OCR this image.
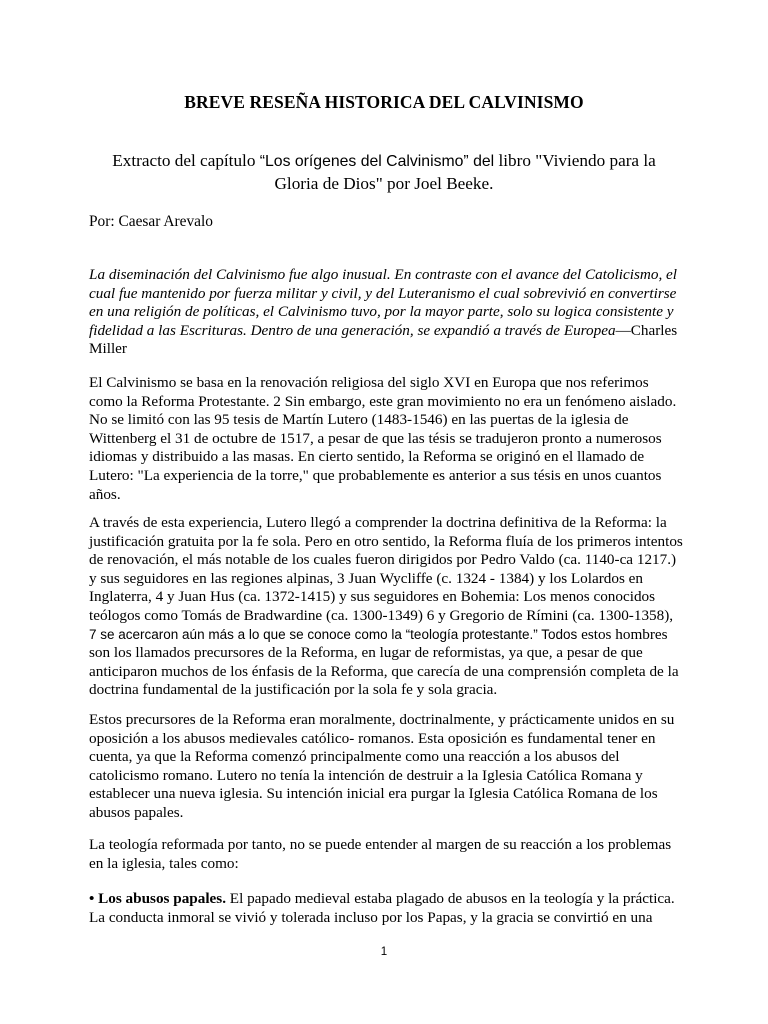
BREVE RESEÑA HISTORICA DEL CALVINISMO
Extracto del capítulo “Los orígenes del Calvinismo” del libro "Viviendo para la Gloria de Dios" por Joel Beeke.
Por: Caesar Arevalo

La diseminación del Calvinismo fue algo inusual. En contraste con el avance del Catolicismo, el cual fue mantenido por fuerza militar y civil, y del Luteranismo el cual sobrevivió en convertirse en una religión de políticas, el Calvinismo tuvo, por la mayor parte, solo su logica consistente y fidelidad a las Escrituras. Dentro de una generación, se expandió a través de Europea—Charles Miller

El Calvinismo se basa en la renovación religiosa del siglo XVI en Europa que nos referimos como la Reforma Protestante. 2 Sin embargo, este gran movimiento no era un fenómeno aislado. No se limitó con las 95 tesis de Martín Lutero (1483-1546) en las puertas de la iglesia de Wittenberg el 31 de octubre de 1517, a pesar de que las tésis se tradujeron pronto a numerosos idiomas y distribuido a las masas. En cierto sentido, la Reforma se originó en el llamado de Lutero: "La experiencia de la torre," que probablemente es anterior a sus tésis en unos cuantos años.

A través de esta experiencia, Lutero llegó a comprender la doctrina definitiva de la Reforma: la justificación gratuita por la fe sola. Pero en otro sentido, la Reforma fluía de los primeros intentos de renovación, el más notable de los cuales fueron dirigidos por Pedro Valdo (ca. 1140-ca 1217.) y sus seguidores en las regiones alpinas, 3 Juan Wycliffe (c. 1324 - 1384) y los Lolardos en Inglaterra, 4 y Juan Hus (ca. 1372-1415) y sus seguidores en Bohemia: Los menos conocidos teólogos como Tomás de Bradwardine (ca. 1300-1349) 6 y Gregorio de Rímini (ca. 1300-1358), 7 se acercaron aún más a lo que se conoce como la “teología protestante.” Todos estos hombres son los llamados precursores de la Reforma, en lugar de reformistas, ya que, a pesar de que anticiparon muchos de los énfasis de la Reforma, que carecía de una comprensión completa de la doctrina fundamental de la justificación por la sola fe y sola gracia.

Estos precursores de la Reforma eran moralmente, doctrinalmente, y prácticamente unidos en su oposición a los abusos medievales católico- romanos. Esta oposición es fundamental tener en cuenta, ya que la Reforma comenzó principalmente como una reacción a los abusos del catolicismo romano. Lutero no tenía la intención de destruir a la Iglesia Católica Romana y establecer una nueva iglesia. Su intención inicial era purgar la Iglesia Católica Romana de los abusos papales.

La teología reformada por tanto, no se puede entender al margen de su reacción a los problemas en la iglesia, tales como:

• Los abusos papales. El papado medieval estaba plagado de abusos en la teología y la práctica. La conducta inmoral se vivió y tolerada incluso por los Papas, y la gracia se convirtió en una

1
